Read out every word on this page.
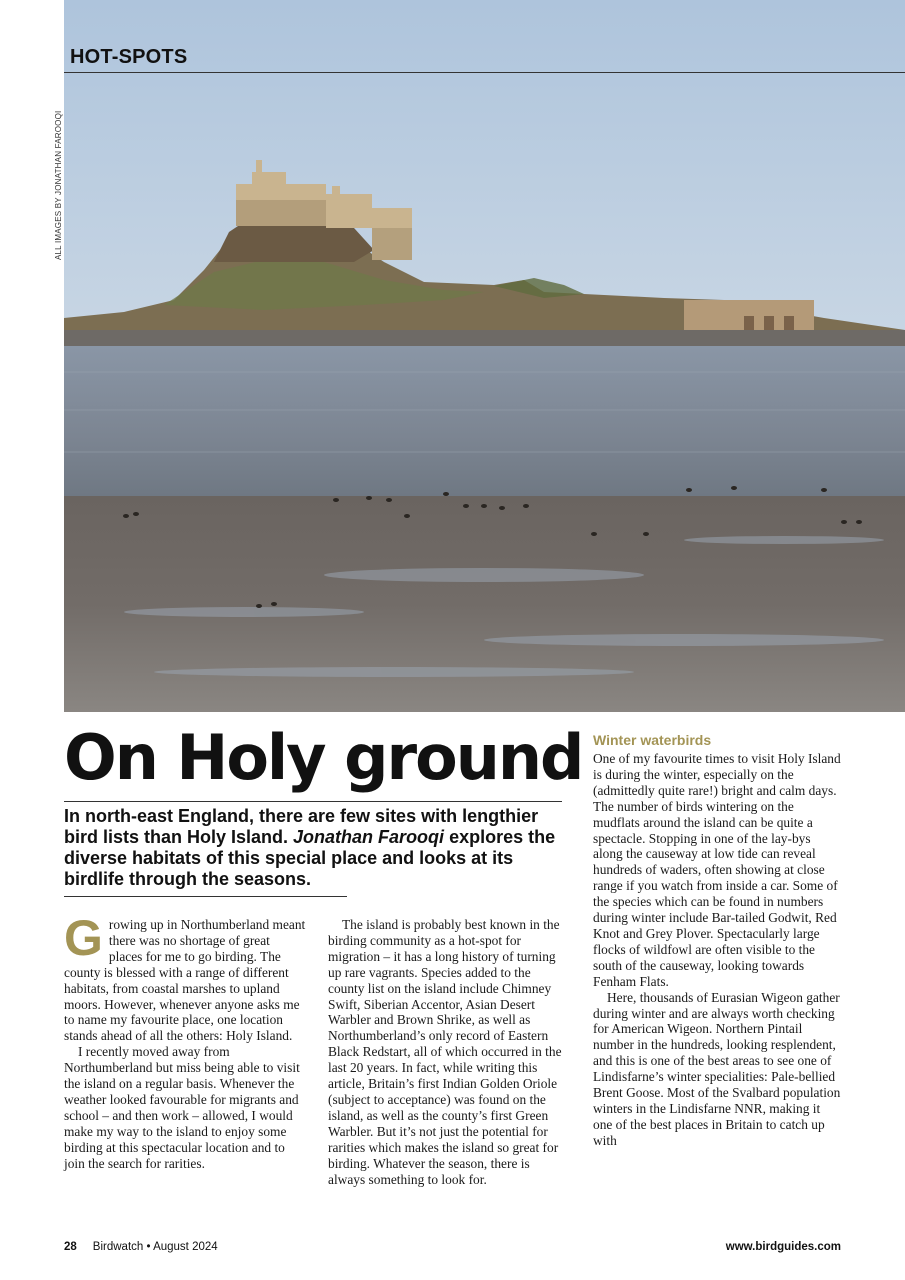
HOT-SPOTS
ALL IMAGES BY JONATHAN FAROOQI
On Holy ground
In north-east England, there are few sites with lengthier bird lists than Holy Island. Jonathan Farooqi explores the diverse habitats of this special place and looks at its birdlife through the seasons.

Growing up in Northumberland meant there was no shortage of great places for me to go birding. The county is blessed with a range of different habitats, from coastal marshes to upland moors. However, whenever anyone asks me to name my favourite place, one location stands ahead of all the others: Holy Island.

I recently moved away from Northumberland but miss being able to visit the island on a regular basis. Whenever the weather looked favourable for migrants and school – and then work – allowed, I would make my way to the island to enjoy some birding at this spectacular location and to join the search for rarities.

The island is probably best known in the birding community as a hot-spot for migration – it has a long history of turning up rare vagrants. Species added to the county list on the island include Chimney Swift, Siberian Accentor, Asian Desert Warbler and Brown Shrike, as well as Northumberland’s only record of Eastern Black Redstart, all of which occurred in the last 20 years. In fact, while writing this article, Britain’s first Indian Golden Oriole (subject to acceptance) was found on the island, as well as the county’s first Green Warbler. But it’s not just the potential for rarities which makes the island so great for birding. Whatever the season, there is always something to look for.

Winter waterbirds

One of my favourite times to visit Holy Island is during the winter, especially on the (admittedly quite rare!) bright and calm days. The number of birds wintering on the mudflats around the island can be quite a spectacle. Stopping in one of the lay-bys along the causeway at low tide can reveal hundreds of waders, often showing at close range if you watch from inside a car. Some of the species which can be found in numbers during winter include Bar-tailed Godwit, Red Knot and Grey Plover. Spectacularly large flocks of wildfowl are often visible to the south of the causeway, looking towards Fenham Flats.

Here, thousands of Eurasian Wigeon gather during winter and are always worth checking for American Wigeon. Northern Pintail number in the hundreds, looking resplendent, and this is one of the best areas to see one of Lindisfarne’s winter specialities: Pale-bellied Brent Goose. Most of the Svalbard population winters in the Lindisfarne NNR, making it one of the best places in Britain to catch up with

28 Birdwatch • August 2024	www.birdguides.com
